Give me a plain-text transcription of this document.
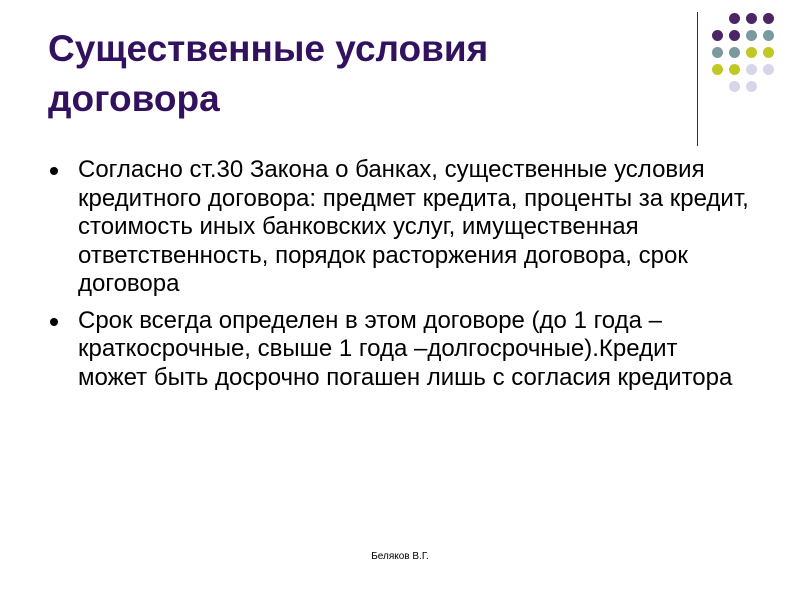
Существенные условия договора
Согласно ст.30 Закона о банках, существенные условия кредитного договора: предмет кредита, проценты за кредит, стоимость иных банковских услуг, имущественная ответственность, порядок расторжения договора, срок договора
Срок всегда определен в этом договоре (до 1 года –краткосрочные, свыше 1 года –долгосрочные).Кредит может быть досрочно погашен лишь с согласия кредитора
Беляков В.Г.
